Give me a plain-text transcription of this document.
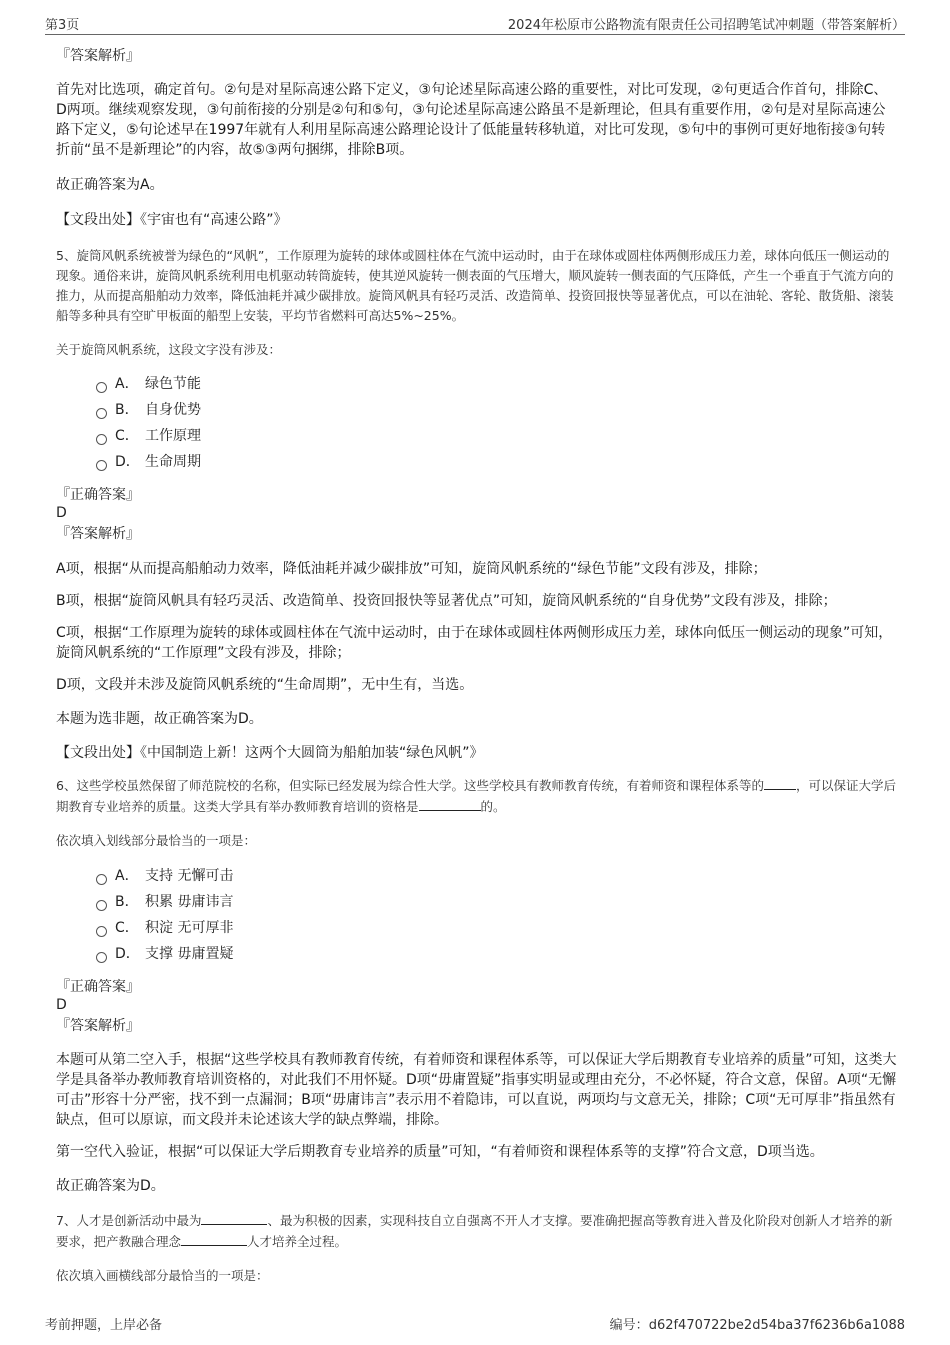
第3页	2024年松原市公路物流有限责任公司招聘笔试冲刺题（带答案解析）
『答案解析』
首先对比选项，确定首句。②句是对星际高速公路下定义，③句论述星际高速公路的重要性，对比可发现，②句更适合作首句，排除C、D两项。继续观察发现，③句前衔接的分别是②句和⑤句，③句论述星际高速公路虽不是新理论，但具有重要作用，②句是对星际高速公路下定义，⑤句论述早在1997年就有人利用星际高速公路理论设计了低能量转移轨道，对比可发现，⑤句中的事例可更好地衔接③句转折前“虽不是新理论”的内容，故⑤③两句捆绑，排除B项。
故正确答案为A。
【文段出处】《宇宙也有“高速公路”》
5、旋筒风帆系统被誉为绿色的“风帆”，工作原理为旋转的球体或圆柱体在气流中运动时，由于在球体或圆柱体两侧形成压力差，球体向低压一侧运动的现象。通俗来讲，旋筒风帆系统利用电机驱动转筒旋转，使其逆风旋转一侧表面的气压增大，顺风旋转一侧表面的气压降低，产生一个垂直于气流方向的推力，从而提高船舶动力效率，降低油耗并减少碳排放。旋筒风帆具有轻巧灵活、改造简单、投资回报快等显著优点，可以在油轮、客轮、散货船、滚装船等多种具有空旷甲板面的船型上安装，平均节省燃料可高达5%~25%。
关于旋筒风帆系统，这段文字没有涉及：
A． 绿色节能
B． 自身优势
C． 工作原理
D． 生命周期
『正确答案』
D
『答案解析』
A项，根据“从而提高船舶动力效率，降低油耗并减少碳排放”可知，旋筒风帆系统的“绿色节能”文段有涉及，排除；
B项，根据“旋筒风帆具有轻巧灵活、改造简单、投资回报快等显著优点”可知，旋筒风帆系统的“自身优势”文段有涉及，排除；
C项，根据“工作原理为旋转的球体或圆柱体在气流中运动时，由于在球体或圆柱体两侧形成压力差，球体向低压一侧运动的现象”可知，旋筒风帆系统的“工作原理”文段有涉及，排除；
D项，文段并未涉及旋筒风帆系统的“生命周期”，无中生有，当选。
本题为选非题，故正确答案为D。
【文段出处】《中国制造上新！这两个大圆筒为船舶加装“绿色风帆”》
6、这些学校虽然保留了师范院校的名称，但实际已经发展为综合性大学。这些学校具有教师教育传统，有着师资和课程体系等的	，可以保证大学后期教育专业培养的质量。这类大学具有举办教师教育培训的资格是	的。
依次填入划线部分最恰当的一项是：
A． 支持 无懈可击
B． 积累 毋庸讳言
C． 积淀 无可厚非
D． 支撑 毋庸置疑
『正确答案』
D
『答案解析』
本题可从第二空入手，根据“这些学校具有教师教育传统，有着师资和课程体系等，可以保证大学后期教育专业培养的质量”可知，这类大学是具备举办教师教育培训资格的，对此我们不用怀疑。D项“毋庸置疑”指事实明显或理由充分，不必怀疑，符合文意，保留。A项“无懈可击”形容十分严密，找不到一点漏洞；B项“毋庸讳言”表示用不着隐讳，可以直说，两项均与文意无关，排除；C项“无可厚非”指虽然有缺点，但可以原谅，而文段并未论述该大学的缺点弊端，排除。
第一空代入验证，根据“可以保证大学后期教育专业培养的质量”可知，“有着师资和课程体系等的支撑”符合文意，D项当选。
故正确答案为D。
7、人才是创新活动中最为	、最为积极的因素，实现科技自立自强离不开人才支撑。要准确把握高等教育进入普及化阶段对创新人才培养的新要求，把产教融合理念	人才培养全过程。
依次填入画横线部分最恰当的一项是：
考前押题，上岸必备	编号：d62f470722be2d54ba37f6236b6a1088
